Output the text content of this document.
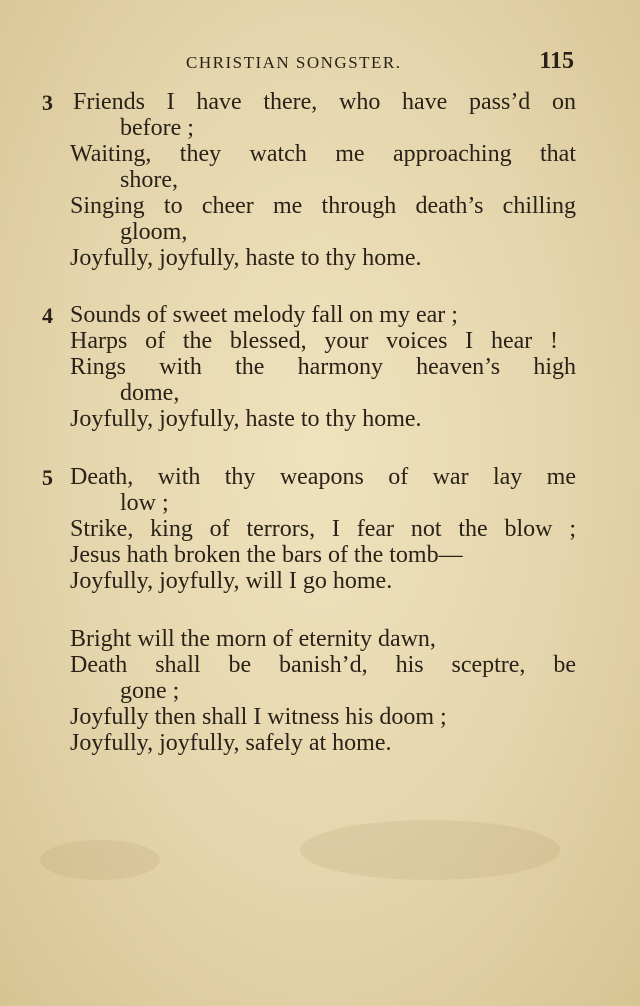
CHRISTIAN SONGSTER.	115
3 Friends I have there, who have pass’d on
before ;
Waiting, they watch me approaching that
shore,
Singing to cheer me through death’s chilling
gloom,
Joyfully, joyfully, haste to thy home.
4 Sounds of sweet melody fall on my ear ;
Harps of the blessed, your voices I hear !
Rings with the harmony heaven’s high
dome,
Joyfully, joyfully, haste to thy home.
5 Death, with thy weapons of war lay me
low ;
Strike, king of terrors, I fear not the blow ;
Jesus hath broken the bars of the tomb—
Joyfully, joyfully, will I go home.
Bright will the morn of eternity dawn,
Death shall be banish’d, his sceptre, be
gone ;
Joyfully then shall I witness his doom ;
Joyfully, joyfully, safely at home.
